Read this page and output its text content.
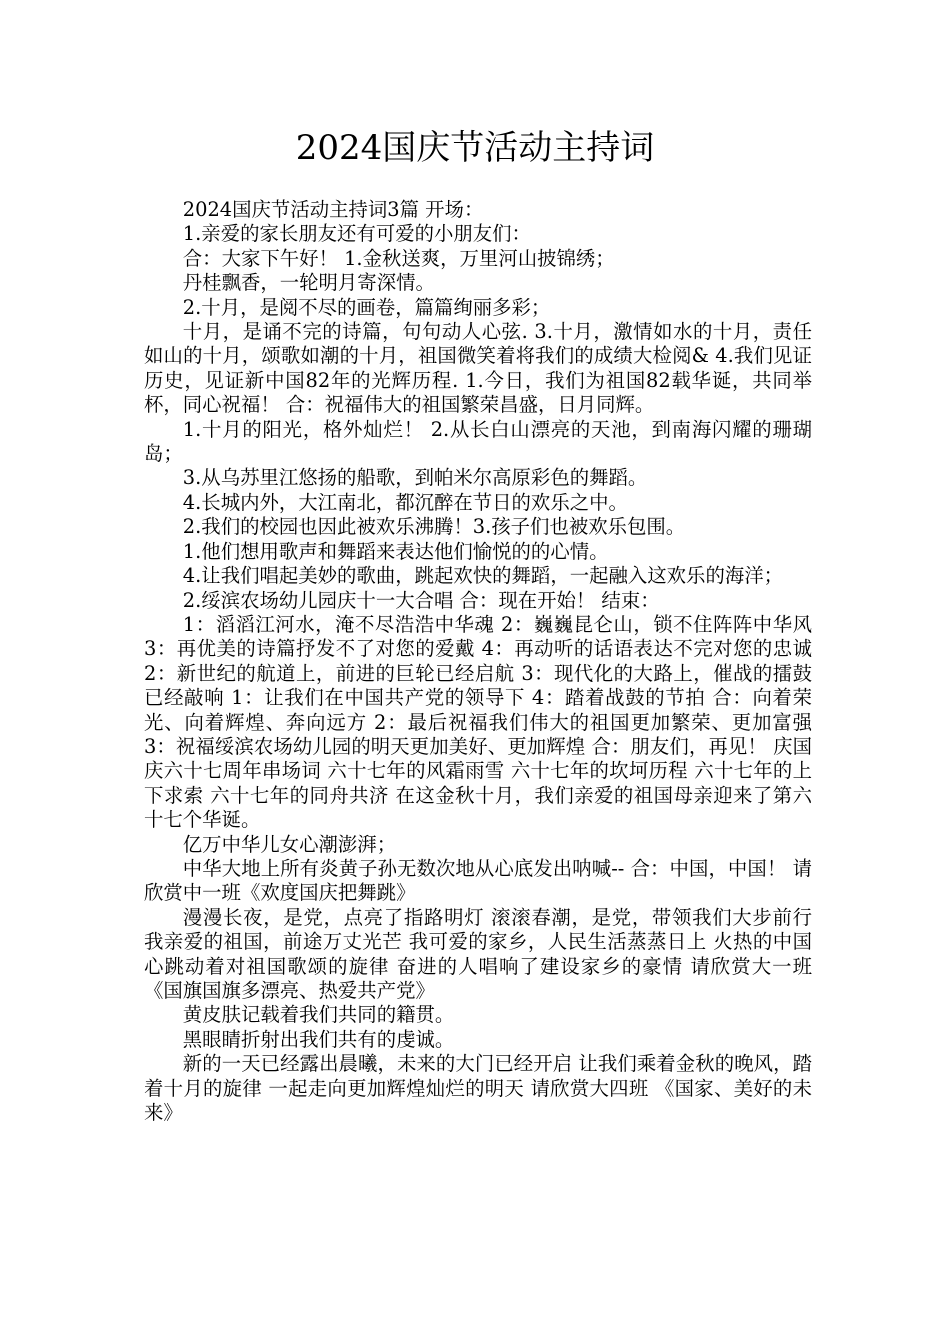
2024国庆节活动主持词

2024国庆节活动主持词3篇 开场：

1.亲爱的家长朋友还有可爱的小朋友们：

合：大家下午好！ 1.金秋送爽，万里河山披锦绣；

丹桂飘香，一轮明月寄深情。

2.十月，是阅不尽的画卷，篇篇绚丽多彩；

十月，是诵不完的诗篇，句句动人心弦. 3.十月，激情如水的十月，责任如山的十月，颂歌如潮的十月，祖国微笑着将我们的成绩大检阅& 4.我们见证历史，见证新中国82年的光辉历程. 1.今日，我们为祖国82载华诞，共同举杯，同心祝福！ 合：祝福伟大的祖国繁荣昌盛，日月同辉。

1.十月的阳光，格外灿烂！ 2.从长白山漂亮的天池，到南海闪耀的珊瑚岛；

3.从乌苏里江悠扬的船歌，到帕米尔高原彩色的舞蹈。

4.长城内外，大江南北，都沉醉在节日的欢乐之中。

2.我们的校园也因此被欢乐沸腾！3.孩子们也被欢乐包围。

1.他们想用歌声和舞蹈来表达他们愉悦的的心情。

4.让我们唱起美妙的歌曲，跳起欢快的舞蹈，一起融入这欢乐的海洋；

2.绥滨农场幼儿园庆十一大合唱 合：现在开始！ 结束：

1：滔滔江河水，淹不尽浩浩中华魂 2：巍巍昆仑山，锁不住阵阵中华风 3：再优美的诗篇抒发不了对您的爱戴 4：再动听的话语表达不完对您的忠诚 2：新世纪的航道上，前进的巨轮已经启航 3：现代化的大路上，催战的擂鼓已经敲响 1：让我们在中国共产党的领导下 4：踏着战鼓的节拍 合：向着荣光、向着辉煌、奔向远方 2：最后祝福我们伟大的祖国更加繁荣、更加富强 3：祝福绥滨农场幼儿园的明天更加美好、更加辉煌 合：朋友们，再见！ 庆国庆六十七周年串场词 六十七年的风霜雨雪 六十七年的坎坷历程 六十七年的上下求索 六十七年的同舟共济 在这金秋十月，我们亲爱的祖国母亲迎来了第六十七个华诞。

亿万中华儿女心潮澎湃；

中华大地上所有炎黄子孙无数次地从心底发出呐喊-- 合：中国，中国！ 请欣赏中一班《欢度国庆把舞跳》

漫漫长夜，是党，点亮了指路明灯 滚滚春潮，是党，带领我们大步前行 我亲爱的祖国，前途万丈光芒 我可爱的家乡，人民生活蒸蒸日上 火热的中国心跳动着对祖国歌颂的旋律 奋进的人唱响了建设家乡的豪情 请欣赏大一班《国旗国旗多漂亮、热爱共产党》

黄皮肤记载着我们共同的籍贯。

黑眼睛折射出我们共有的虔诚。

新的一天已经露出晨曦，未来的大门已经开启 让我们乘着金秋的晚风，踏着十月的旋律 一起走向更加辉煌灿烂的明天 请欣赏大四班 《国家、美好的未来》
